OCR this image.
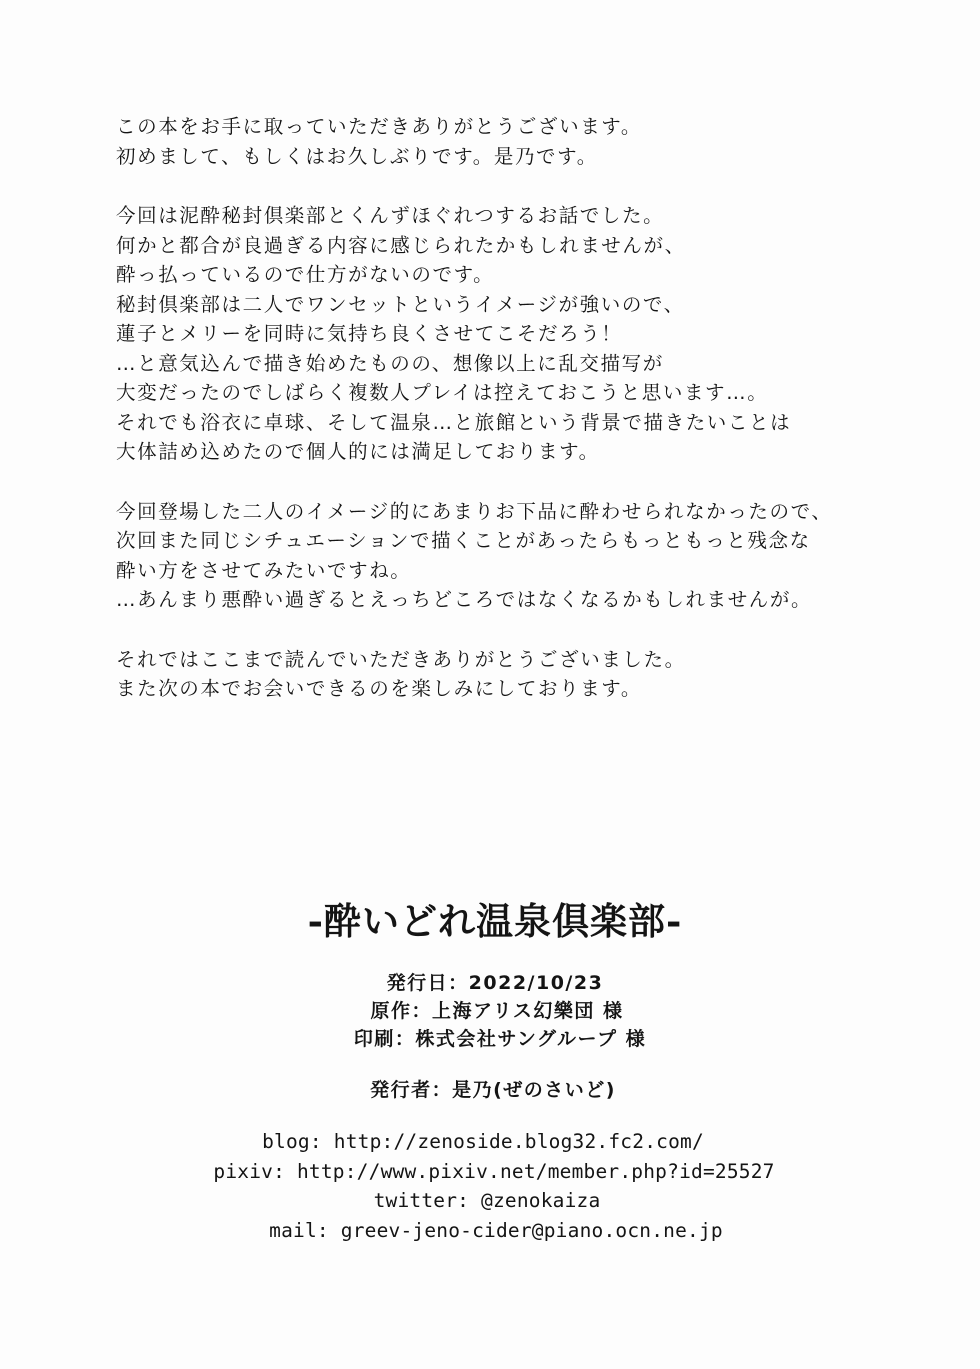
この本をお手に取っていただきありがとうございます。
初めまして、もしくはお久しぶりです。是乃です。
今回は泥酔秘封倶楽部とくんずほぐれつするお話でした。
何かと都合が良過ぎる内容に感じられたかもしれませんが、
酔っ払っているので仕方がないのです。
秘封倶楽部は二人でワンセットというイメージが強いので、
蓮子とメリーを同時に気持ち良くさせてこそだろう！
…と意気込んで描き始めたものの、想像以上に乱交描写が
大変だったのでしばらく複数人プレイは控えておこうと思います…。
それでも浴衣に卓球、そして温泉…と旅館という背景で描きたいことは
大体詰め込めたので個人的には満足しております。
今回登場した二人のイメージ的にあまりお下品に酔わせられなかったので、
次回また同じシチュエーションで描くことがあったらもっともっと残念な
酔い方をさせてみたいですね。
…あんまり悪酔い過ぎるとえっちどころではなくなるかもしれませんが。
それではここまで読んでいただきありがとうございました。
また次の本でお会いできるのを楽しみにしております。
-酔いどれ温泉倶楽部-
発行日：2022/10/23
原作：上海アリス幻樂団 様
印刷：株式会社サングループ 様
発行者：是乃(ぜのさいど)
blog: http://zenoside.blog32.fc2.com/
pixiv: http://www.pixiv.net/member.php?id=25527
twitter: @zenokaiza
mail: greev-jeno-cider@piano.ocn.ne.jp
